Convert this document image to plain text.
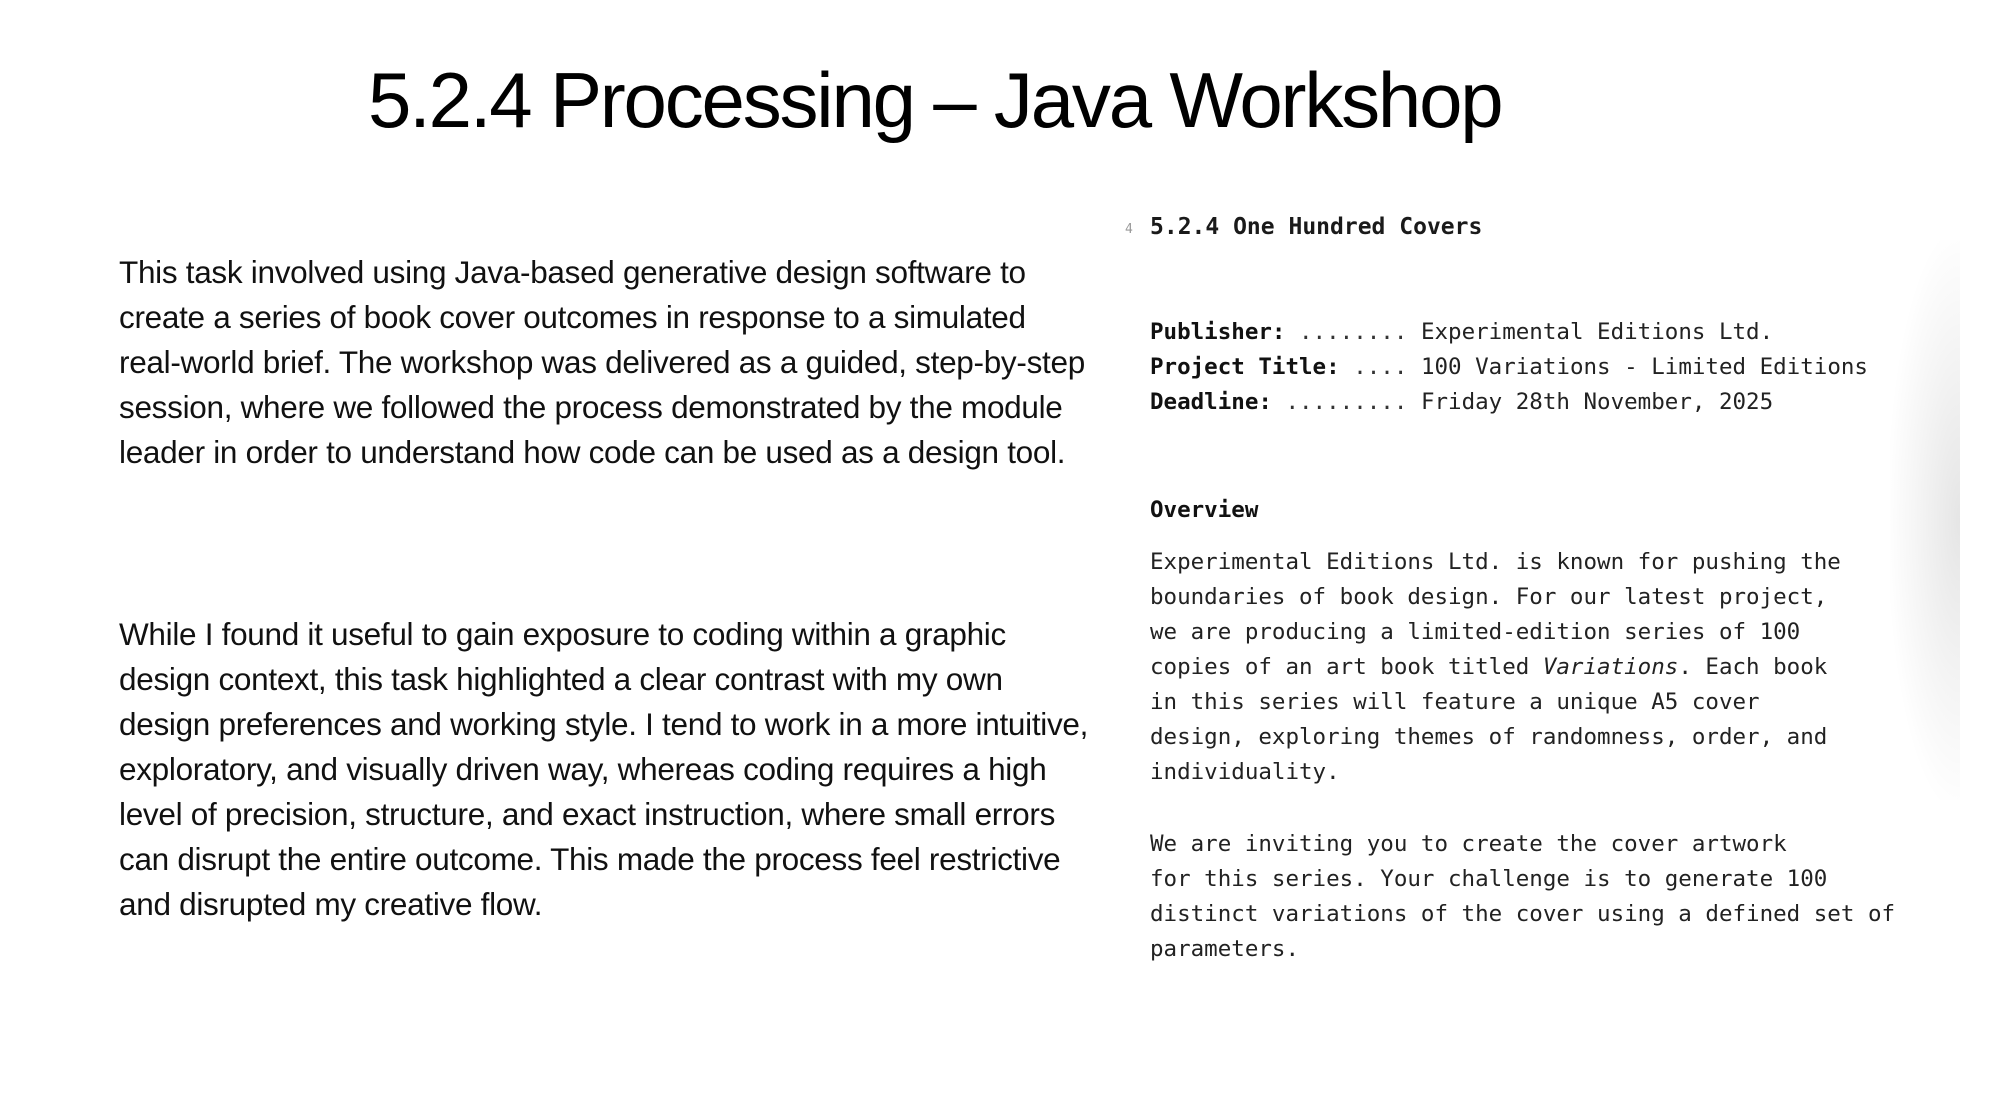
5.2.4 Processing – Java Workshop

This task involved using Java-based generative design software to create a series of book cover outcomes in response to a simulated real-world brief. The workshop was delivered as a guided, step-by-step session, where we followed the process demonstrated by the module leader in order to understand how code can be used as a design tool.

While I found it useful to gain exposure to coding within a graphic design context, this task highlighted a clear contrast with my own design preferences and working style. I tend to work in a more intuitive, exploratory, and visually driven way, whereas coding requires a high level of precision, structure, and exact instruction, where small errors can disrupt the entire outcome. This made the process feel restrictive and disrupted my creative flow.

4 5.2.4 One Hundred Covers
Publisher: ........ Experimental Editions Ltd.
Project Title: .... 100 Variations - Limited Editions
Deadline: ......... Friday 28th November, 2025
Overview

Experimental Editions Ltd. is known for pushing the
boundaries of book design. For our latest project,
we are producing a limited-edition series of 100
copies of an art book titled Variations. Each book
in this series will feature a unique A5 cover
design, exploring themes of randomness, order, and
individuality.

We are inviting you to create the cover artwork
for this series. Your challenge is to generate 100
distinct variations of the cover using a defined set of
parameters.
